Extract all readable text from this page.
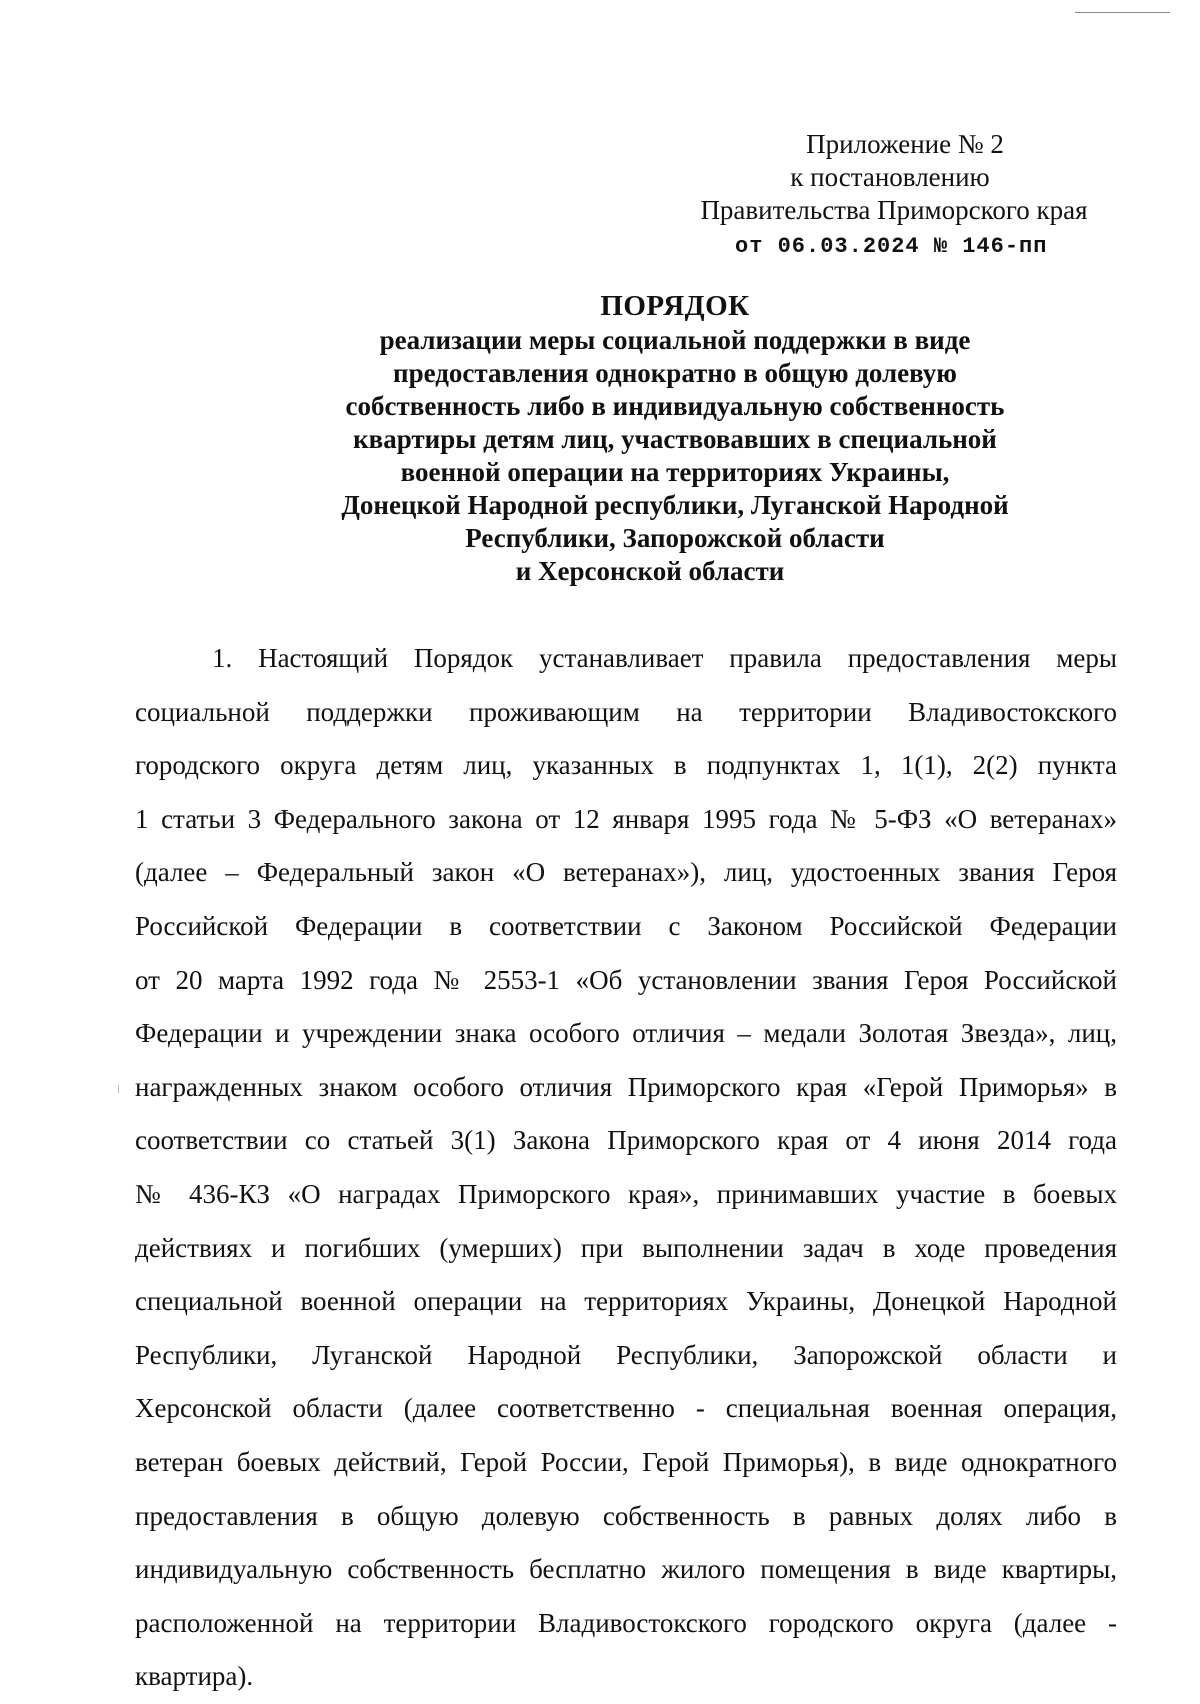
Приложение № 2
к постановлению
Правительства Приморского края
от 06.03.2024 № 146-пп
ПОРЯДОК
реализации меры социальной поддержки в виде
предоставления однократно в общую долевую
собственность либо в индивидуальную собственность
квартиры детям лиц, участвовавших в специальной
военной операции на территориях Украины,
Донецкой Народной республики, Луганской Народной
Республики, Запорожской области
и Херсонской области
1. Настоящий Порядок устанавливает правила предоставления меры
социальной поддержки проживающим на территории Владивостокского
городского округа детям лиц, указанных в подпунктах 1, 1(1), 2(2) пункта
1 статьи 3 Федерального закона от 12 января 1995 года № 5-ФЗ «О ветеранах»
(далее – Федеральный закон «О ветеранах»), лиц, удостоенных звания Героя
Российской Федерации в соответствии с Законом Российской Федерации
от 20 марта 1992 года № 2553-1 «Об установлении звания Героя Российской
Федерации и учреждении знака особого отличия – медали Золотая Звезда», лиц,
награжденных знаком особого отличия Приморского края «Герой Приморья» в
соответствии со статьей 3(1) Закона Приморского края от 4 июня 2014 года
№ 436-КЗ «О наградах Приморского края», принимавших участие в боевых
действиях и погибших (умерших) при выполнении задач в ходе проведения
специальной военной операции на территориях Украины, Донецкой Народной
Республики, Луганской Народной Республики, Запорожской области и
Херсонской области (далее соответственно - специальная военная операция,
ветеран боевых действий, Герой России, Герой Приморья), в виде однократного
предоставления в общую долевую собственность в равных долях либо в
индивидуальную собственность бесплатно жилого помещения в виде квартиры,
расположенной на территории Владивостокского городского округа (далее -
квартира).
